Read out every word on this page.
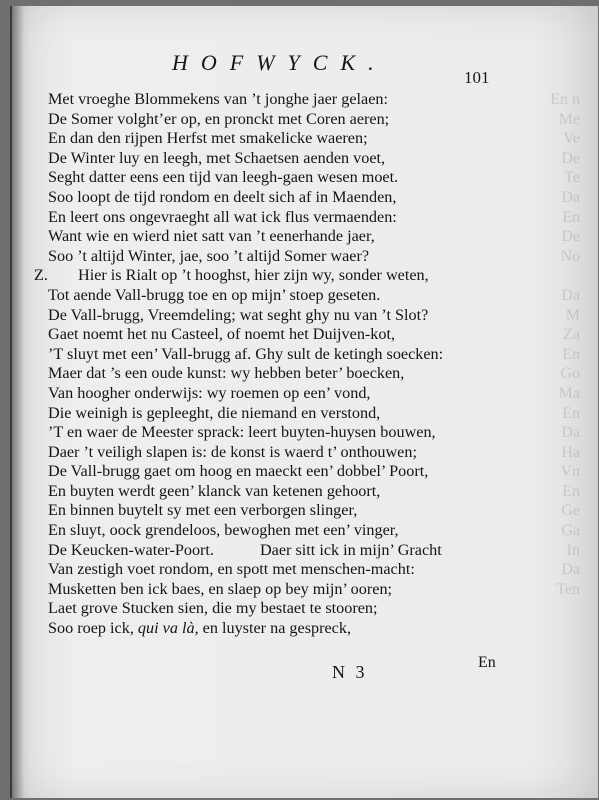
En n
Me
Ve
De
Te
Da
En
De
No

Da
M
Za
En
Go
Ma
En
Da
Ha
Vn
En
Ge
Ga
In
Da
Ten
HOFWYCK.
101
Met vroeghe Blommekens van ’t jonghe jaer gelaen:
De Somer volght’er op, en pronckt met Coren aeren;
En dan den rijpen Herfst met smakelicke waeren;
De Winter luy en leegh, met Schaetsen aenden voet,
Seght datter eens een tijd van leegh-gaen wesen moet.
Soo loopt de tijd rondom en deelt sich af in Maenden,
En leert ons ongevraeght all wat ick flus vermaenden:
Want wie en wierd niet satt van ’t eenerhande jaer,
Soo ’t altijd Winter, jae, soo ’t altijd Somer waer?
Z. Hier is Rialt op ’t hooghst, hier zijn wy, sonder weten,
Tot aende Vall-brugg toe en op mijn’ stoep geseten.
De Vall-brugg, Vreemdeling; wat seght ghy nu van ’t Slot?
Gaet noemt het nu Casteel, of noemt het Duijven-kot,
’T sluyt met een’ Vall-brugg af. Ghy sult de ketingh soecken:
Maer dat ’s een oude kunst: wy hebben beter’ boecken,
Van hoogher onderwijs: wy roemen op een’ vond,
Die weinigh is gepleeght, die niemand en verstond,
’T en waer de Meester sprack: leert buyten-huysen bouwen,
Daer ’t veiligh slapen is: de konst is waerd t’ onthouwen;
De Vall-brugg gaet om hoog en maeckt een’ dobbel’ Poort,
En buyten werdt geen’ klanck van ketenen gehoort,
En binnen buytelt sy met een verborgen slinger,
En sluyt, oock grendeloos, bewoghen met een’ vinger,
De Keucken-water-Poort.	Daer sitt ick in mijn’ Gracht
Van zestigh voet rondom, en spott met menschen-macht:
Musketten ben ick baes, en slaep op bey mijn’ ooren;
Laet grove Stucken sien, die my bestaet te stooren;
Soo roep ick, qui va là, en luyster na gespreck,
N 3	En
